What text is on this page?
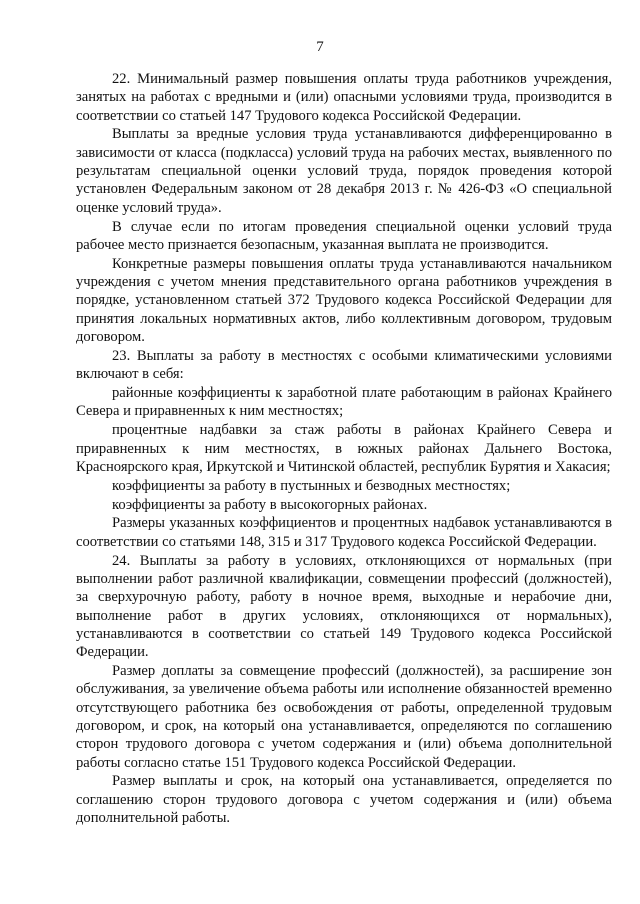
7

22. Минимальный размер повышения оплаты труда работников учреждения, занятых на работах с вредными и (или) опасными условиями труда, производится в соответствии со статьей 147 Трудового кодекса Российской Федерации.

Выплаты за вредные условия труда устанавливаются дифференцированно в зависимости от класса (подкласса) условий труда на рабочих местах, выявленного по результатам специальной оценки условий труда, порядок проведения которой установлен Федеральным законом от 28 декабря 2013 г. № 426-ФЗ «О специальной оценке условий труда».

В случае если по итогам проведения специальной оценки условий труда рабочее место признается безопасным, указанная выплата не производится.

Конкретные размеры повышения оплаты труда устанавливаются начальником учреждения с учетом мнения представительного органа работников учреждения в порядке, установленном статьей 372 Трудового кодекса Российской Федерации для принятия локальных нормативных актов, либо коллективным договором, трудовым договором.

23. Выплаты за работу в местностях с особыми климатическими условиями включают в себя:

районные коэффициенты к заработной плате работающим в районах Крайнего Севера и приравненных к ним местностях;

процентные надбавки за стаж работы в районах Крайнего Севера и приравненных к ним местностях, в южных районах Дальнего Востока, Красноярского края, Иркутской и Читинской областей, республик Бурятия и Хакасия;

коэффициенты за работу в пустынных и безводных местностях;

коэффициенты за работу в высокогорных районах.

Размеры указанных коэффициентов и процентных надбавок устанавливаются в соответствии со статьями 148, 315 и 317 Трудового кодекса Российской Федерации.

24. Выплаты за работу в условиях, отклоняющихся от нормальных (при выполнении работ различной квалификации, совмещении профессий (должностей), за сверхурочную работу, работу в ночное время, выходные и нерабочие дни, выполнение работ в других условиях, отклоняющихся от нормальных), устанавливаются в соответствии со статьей 149 Трудового кодекса Российской Федерации.

Размер доплаты за совмещение профессий (должностей), за расширение зон обслуживания, за увеличение объема работы или исполнение обязанностей временно отсутствующего работника без освобождения от работы, определенной трудовым договором, и срок, на который она устанавливается, определяются по соглашению сторон трудового договора с учетом содержания и (или) объема дополнительной работы согласно статье 151 Трудового кодекса Российской Федерации.

Размер выплаты и срок, на который она устанавливается, определяется по соглашению сторон трудового договора с учетом содержания и (или) объема дополнительной работы.
